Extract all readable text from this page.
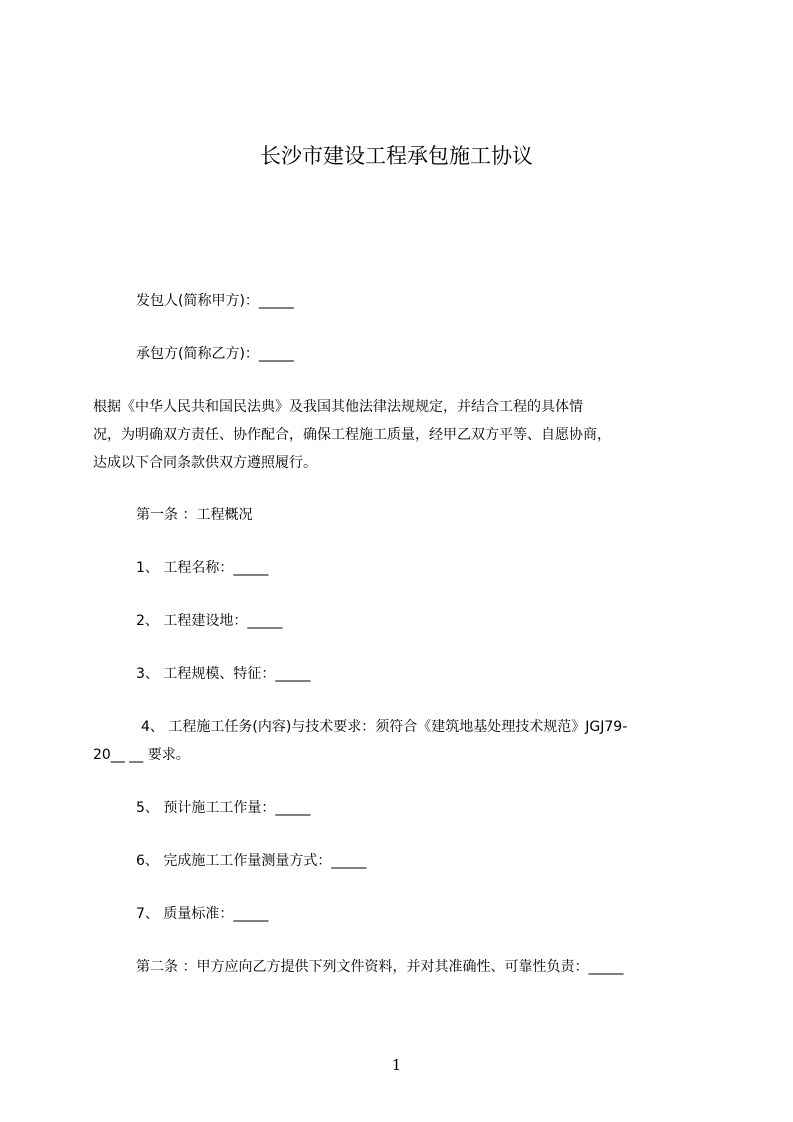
长沙市建设工程承包施工协议
发包人(简称甲方)：_____
承包方(简称乙方)：_____
根据《中华人民共和国民法典》及我国其他法律法规规定，并结合工程的具体情
况，为明确双方责任、协作配合，确保工程施工质量，经甲乙双方平等、自愿协商，
达成以下合同条款供双方遵照履行。
第一条 ：工程概况
1、 工程名称：_____
2、 工程建设地：_____
3、 工程规模、特征：_____
4、 工程施工任务(内容)与技术要求：须符合《建筑地基处理技术规范》JGJ79-
20__ __ 要求。
5、 预计施工工作量：_____
6、 完成施工工作量测量方式：_____
7、 质量标准：_____
第二条 ：甲方应向乙方提供下列文件资料，并对其准确性、可靠性负责：_____
1
